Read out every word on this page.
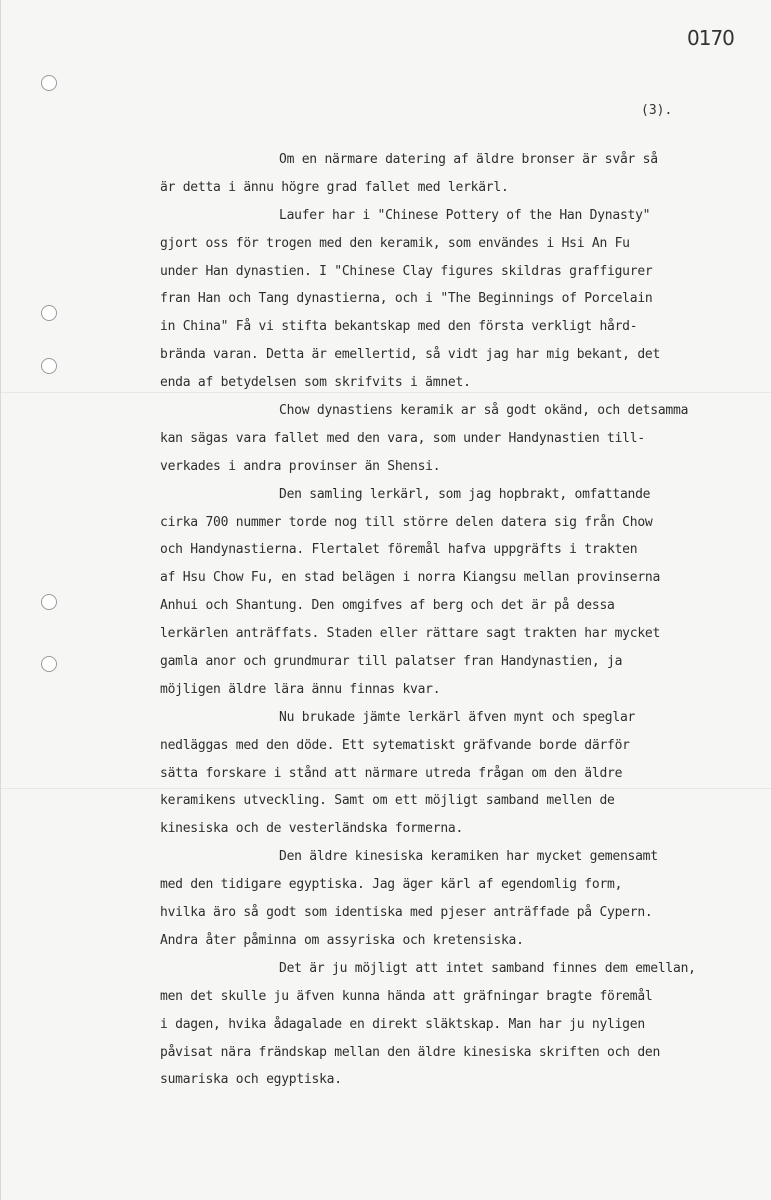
0170
(3).
Om en närmare datering af äldre bronser är svår så
är detta i ännu högre grad fallet med lerkärl.
Laufer har i "Chinese Pottery of the Han Dynasty"
gjort oss för trogen med den keramik, som envändes i Hsi An Fu
under Han dynastien. I "Chinese Clay figures skildras graffigurer
fran Han och Tang dynastierna, och i "The Beginnings of Porcelain
in China" Få vi stifta bekantskap med den första verkligt hård-
brända varan. Detta är emellertid, så vidt jag har mig bekant, det
enda af betydelsen som skrifvits i ämnet.
Chow dynastiens keramik ar så godt okänd, och detsamma
kan sägas vara fallet med den vara, som under Handynastien till-
verkades i andra provinser än Shensi.
Den samling lerkärl, som jag hopbrakt, omfattande
cirka 700 nummer torde nog till större delen datera sig från Chow
och Handynastierna. Flertalet föremål hafva uppgräfts i trakten
af Hsu Chow Fu, en stad belägen i norra Kiangsu mellan provinserna
Anhui och Shantung. Den omgifves af berg och det är på dessa
lerkärlen anträffats. Staden eller rättare sagt trakten har mycket
gamla anor och grundmurar till palatser fran Handynastien, ja
möjligen äldre lära ännu finnas kvar.
Nu brukade jämte lerkärl äfven mynt och speglar
nedläggas med den döde. Ett sytematiskt gräfvande borde därför
sätta forskare i stånd att närmare utreda frågan om den äldre
keramikens utveckling. Samt om ett möjligt samband mellen de
kinesiska och de vesterländska formerna.
Den äldre kinesiska keramiken har mycket gemensamt
med den tidigare egyptiska. Jag äger kärl af egendomlig form,
hvilka äro så godt som identiska med pjeser anträffade på Cypern.
Andra åter påminna om assyriska och kretensiska.
Det är ju möjligt att intet samband finnes dem emellan,
men det skulle ju äfven kunna hända att gräfningar bragte föremål
i dagen, hvika ådagalade en direkt släktskap. Man har ju nyligen
påvisat nära frändskap mellan den äldre kinesiska skriften och den
sumariska och egyptiska.
